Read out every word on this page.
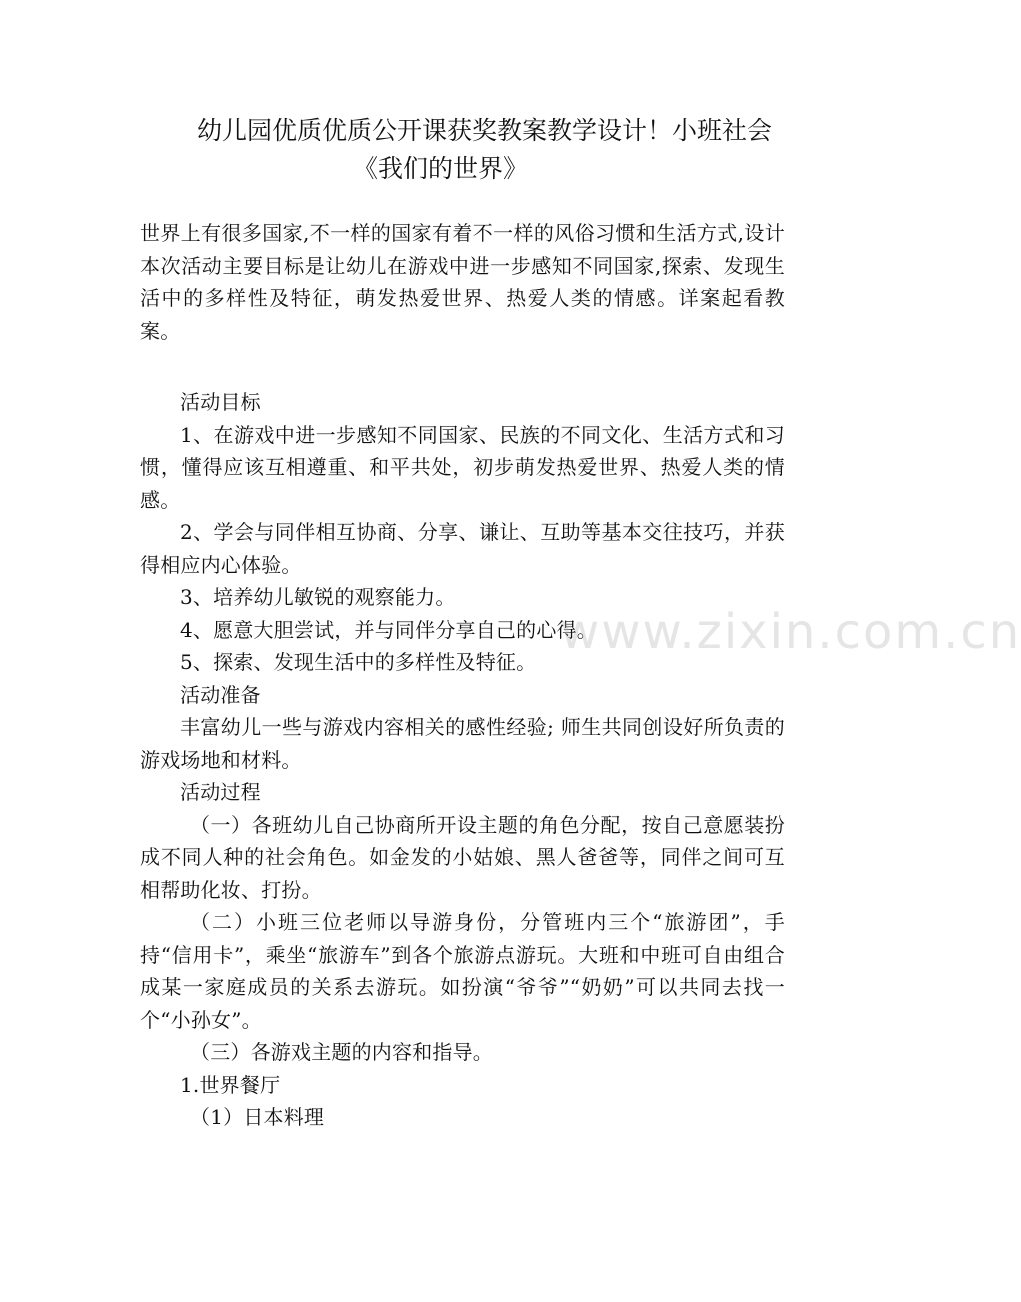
幼儿园优质优质公开课获奖教案教学设计！小班社会
《我们的世界》

世界上有很多国家,不一样的国家有着不一样的风俗习惯和生活方式,设计本次活动主要目标是让幼儿在游戏中进一步感知不同国家,探索、发现生活中的多样性及特征，萌发热爱世界、热爱人类的情感。详案起看教案。

活动目标

1、在游戏中进一步感知不同国家、民族的不同文化、生活方式和习惯，懂得应该互相遵重、和平共处，初步萌发热爱世界、热爱人类的情感。

2、学会与同伴相互协商、分享、谦让、互助等基本交往技巧，并获得相应内心体验。

3、培养幼儿敏锐的观察能力。

4、愿意大胆尝试，并与同伴分享自己的心得。

5、探索、发现生活中的多样性及特征。

活动准备

丰富幼儿一些与游戏内容相关的感性经验; 师生共同创设好所负责的游戏场地和材料。

活动过程

（一）各班幼儿自己协商所开设主题的角色分配，按自己意愿装扮成不同人种的社会角色。如金发的小姑娘、黑人爸爸等，同伴之间可互相帮助化妆、打扮。

（二）小班三位老师以导游身份，分管班内三个“旅游团”，手持“信用卡”，乘坐“旅游车”到各个旅游点游玩。大班和中班可自由组合成某一家庭成员的关系去游玩。如扮演“爷爷”“奶奶”可以共同去找一个“小孙女”。

（三）各游戏主题的内容和指导。

1.世界餐厅

（1）日本料理

www.zixin.com.cn
